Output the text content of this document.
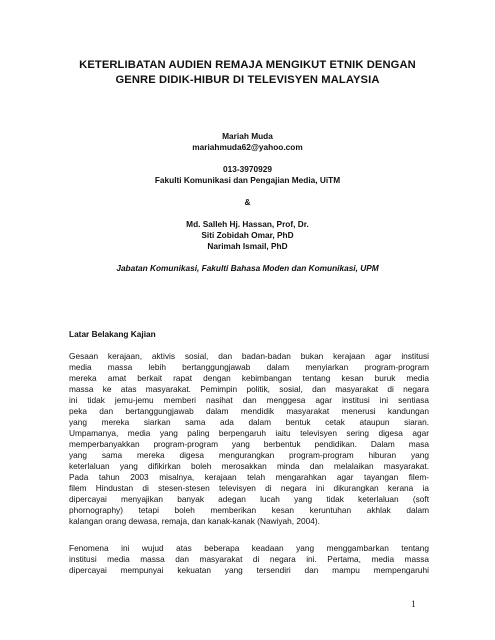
KETERLIBATAN AUDIEN REMAJA MENGIKUT ETNIK DENGAN
GENRE DIDIK-HIBUR DI TELEVISYEN MALAYSIA
Mariah Muda
mariahmuda62@yahoo.com
013-3970929
Fakulti Komunikasi dan Pengajian Media, UiTM
&
Md. Salleh Hj. Hassan, Prof, Dr.
Siti Zobidah Omar, PhD
Narimah Ismail, PhD
Jabatan Komunikasi, Fakulti Bahasa Moden dan Komunikasi, UPM
Latar Belakang Kajian
Gesaan kerajaan, aktivis sosial, dan badan-badan bukan kerajaan agar institusi
media massa lebih bertanggungjawab dalam menyiarkan program-program
mereka amat berkait rapat dengan kebimbangan tentang kesan buruk media
massa ke atas masyarakat. Pemimpin politik, sosial, dan masyarakat di negara
ini tidak jemu-jemu memberi nasihat dan menggesa agar institusi ini sentiasa
peka dan bertanggungjawab dalam mendidik masyarakat menerusi kandungan
yang mereka siarkan sama ada dalam bentuk cetak ataupun siaran.
Umpamanya, media yang paling berpengaruh iaitu televisyen sering digesa agar
memperbanyakkan program-program yang berbentuk pendidikan. Dalam masa
yang sama mereka digesa mengurangkan program-program hiburan yang
keterlaluan yang difikirkan boleh merosakkan minda dan melalaikan masyarakat.
Pada tahun 2003 misalnya, kerajaan telah mengarahkan agar tayangan filem-
filem Hindustan di stesen-stesen televisyen di negara ini dikurangkan kerana ia
dipercayai menyajikan banyak adegan lucah yang tidak keterlaluan (soft
phornography) tetapi boleh memberikan kesan keruntuhan akhlak dalam
kalangan orang dewasa, remaja, dan kanak-kanak (Nawiyah, 2004).
Fenomena ini wujud atas beberapa keadaan yang menggambarkan tentang
institusi media massa dan masyarakat di negara ini. Pertama, media massa
dipercayai mempunyai kekuatan yang tersendiri dan mampu mempengaruhi
1
